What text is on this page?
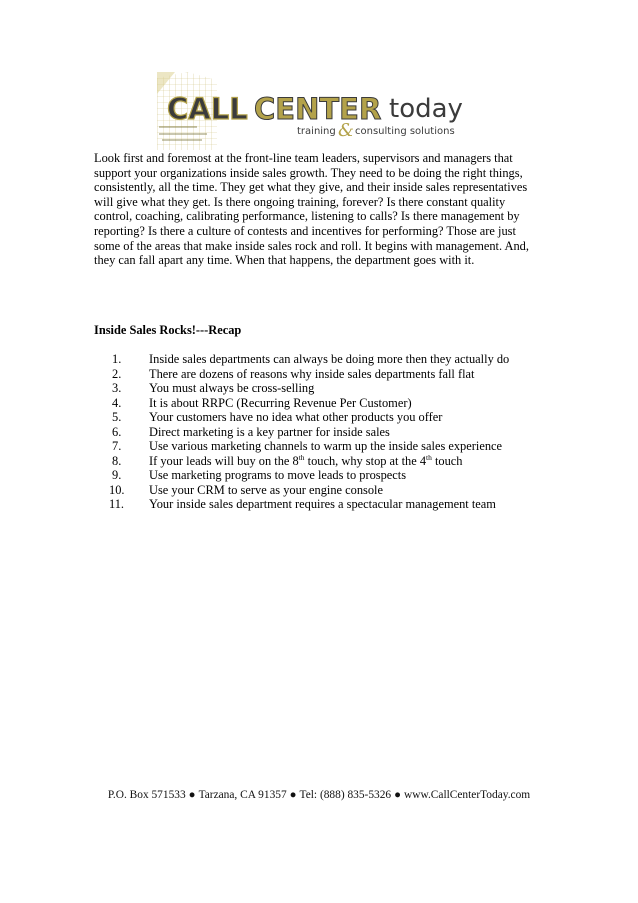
CALL CENTER today
training & consulting solutions

Look first and foremost at the front-line team leaders, supervisors and managers that support your organizations inside sales growth. They need to be doing the right things, consistently, all the time. They get what they give, and their inside sales representatives will give what they get. Is there ongoing training, forever? Is there constant quality control, coaching, calibrating performance, listening to calls? Is there management by reporting? Is there a culture of contests and incentives for performing? Those are just some of the areas that make inside sales rock and roll. It begins with management. And, they can fall apart any time. When that happens, the department goes with it.

Inside Sales Rocks!---Recap

1.	Inside sales departments can always be doing more then they actually do
2.	There are dozens of reasons why inside sales departments fall flat
3.	You must always be cross-selling
4.	It is about RRPC (Recurring Revenue Per Customer)
5.	Your customers have no idea what other products you offer
6.	Direct marketing is a key partner for inside sales
7.	Use various marketing channels to warm up the inside sales experience
8.	If your leads will buy on the 8th touch, why stop at the 4th touch
9.	Use marketing programs to move leads to prospects
10.	Use your CRM to serve as your engine console
11.	Your inside sales department requires a spectacular management team
P.O. Box 571533 ● Tarzana, CA 91357 ● Tel: (888) 835-5326 ● www.CallCenterToday.com
